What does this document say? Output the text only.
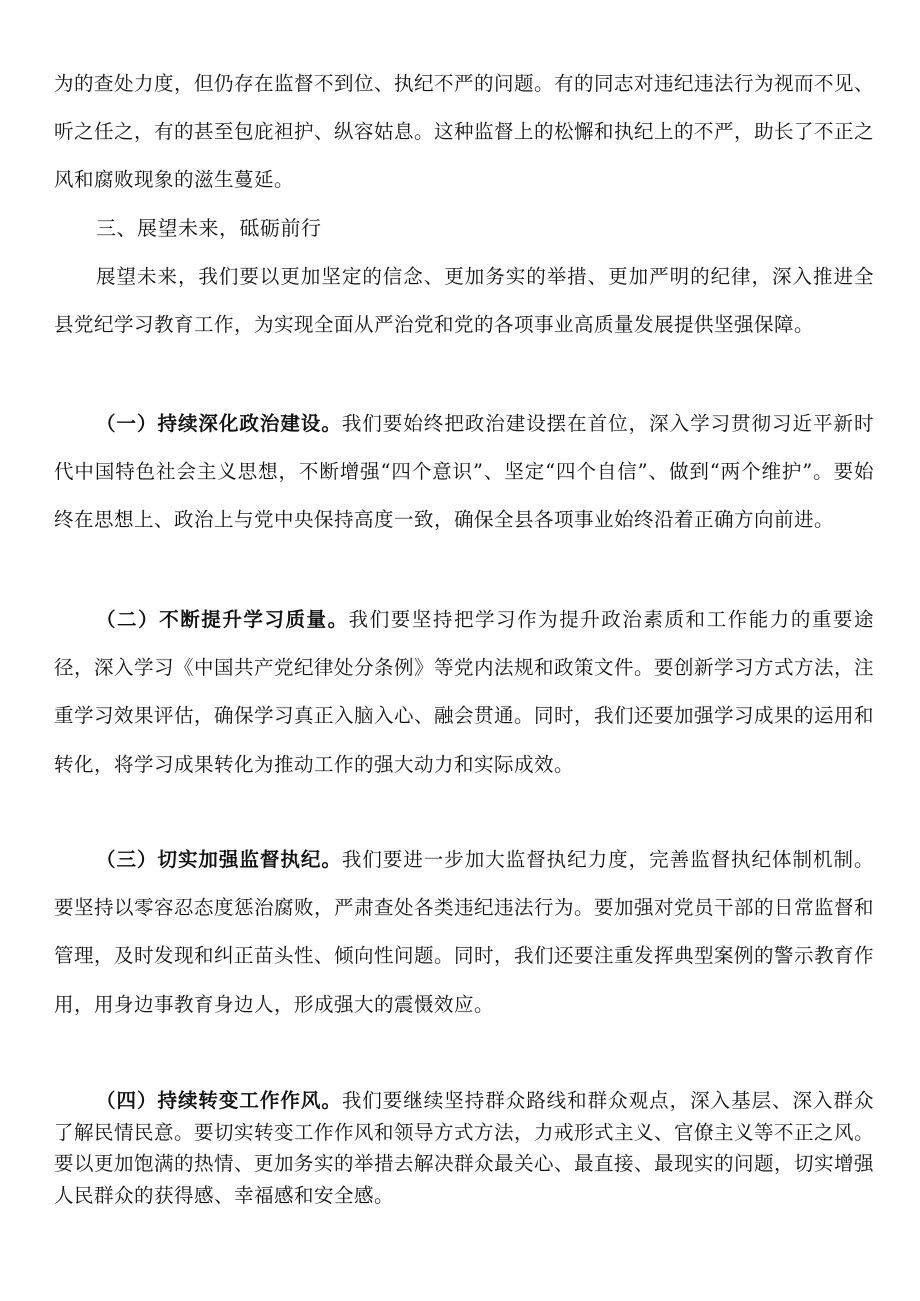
为的查处力度，但仍存在监督不到位、执纪不严的问题。有的同志对违纪违法行为视而不见、听之任之，有的甚至包庇袒护、纵容姑息。这种监督上的松懈和执纪上的不严，助长了不正之风和腐败现象的滋生蔓延。

三、展望未来，砥砺前行

展望未来，我们要以更加坚定的信念、更加务实的举措、更加严明的纪律，深入推进全县党纪学习教育工作，为实现全面从严治党和党的各项事业高质量发展提供坚强保障。

（一）持续深化政治建设。我们要始终把政治建设摆在首位，深入学习贯彻习近平新时代中国特色社会主义思想，不断增强“四个意识”、坚定“四个自信”、做到“两个维护”。要始终在思想上、政治上与党中央保持高度一致，确保全县各项事业始终沿着正确方向前进。

（二）不断提升学习质量。我们要坚持把学习作为提升政治素质和工作能力的重要途径，深入学习《中国共产党纪律处分条例》等党内法规和政策文件。要创新学习方式方法，注重学习效果评估，确保学习真正入脑入心、融会贯通。同时，我们还要加强学习成果的运用和转化，将学习成果转化为推动工作的强大动力和实际成效。

（三）切实加强监督执纪。我们要进一步加大监督执纪力度，完善监督执纪体制机制。要坚持以零容忍态度惩治腐败，严肃查处各类违纪违法行为。要加强对党员干部的日常监督和管理，及时发现和纠正苗头性、倾向性问题。同时，我们还要注重发挥典型案例的警示教育作用，用身边事教育身边人，形成强大的震慑效应。

（四）持续转变工作作风。我们要继续坚持群众路线和群众观点，深入基层、深入群众了解民情民意。要切实转变工作作风和领导方式方法，力戒形式主义、官僚主义等不正之风。要以更加饱满的热情、更加务实的举措去解决群众最关心、最直接、最现实的问题，切实增强人民群众的获得感、幸福感和安全感。
